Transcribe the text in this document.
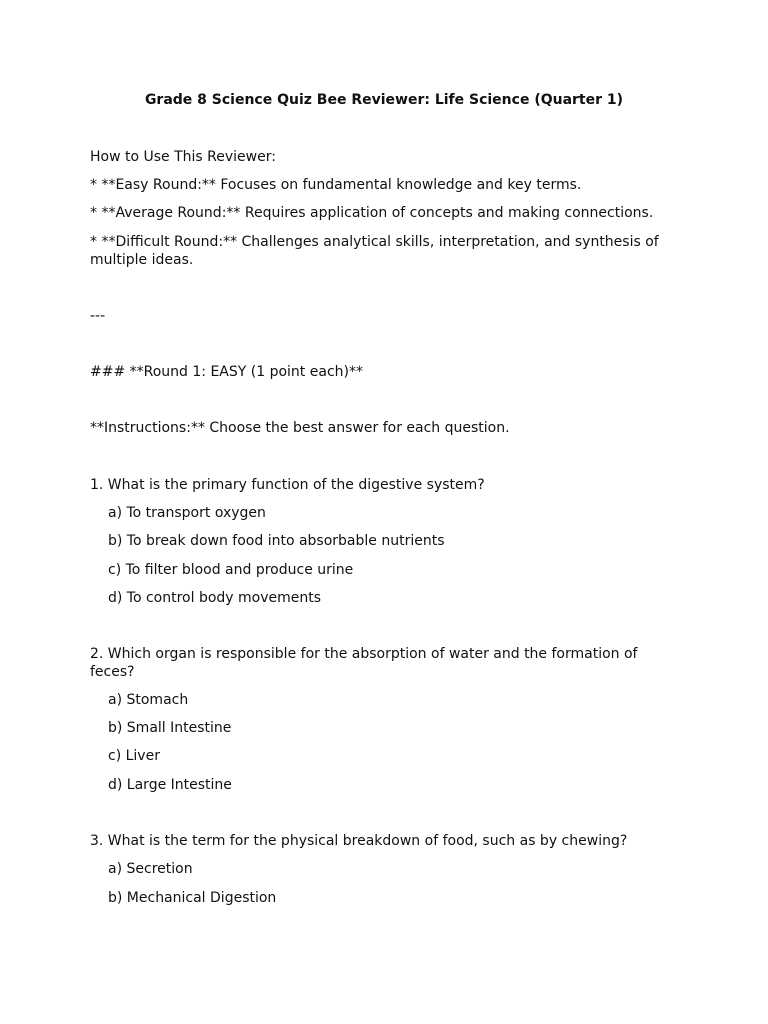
Grade 8 Science Quiz Bee Reviewer: Life Science (Quarter 1)
How to Use This Reviewer:
* **Easy Round:** Focuses on fundamental knowledge and key terms.
* **Average Round:** Requires application of concepts and making connections.
* **Difficult Round:** Challenges analytical skills, interpretation, and synthesis of multiple ideas.
---
### **Round 1: EASY (1 point each)**
**Instructions:** Choose the best answer for each question.
1. What is the primary function of the digestive system?
a) To transport oxygen
b) To break down food into absorbable nutrients
c) To filter blood and produce urine
d) To control body movements
2. Which organ is responsible for the absorption of water and the formation of feces?
a) Stomach
b) Small Intestine
c) Liver
d) Large Intestine
3. What is the term for the physical breakdown of food, such as by chewing?
a) Secretion
b) Mechanical Digestion
